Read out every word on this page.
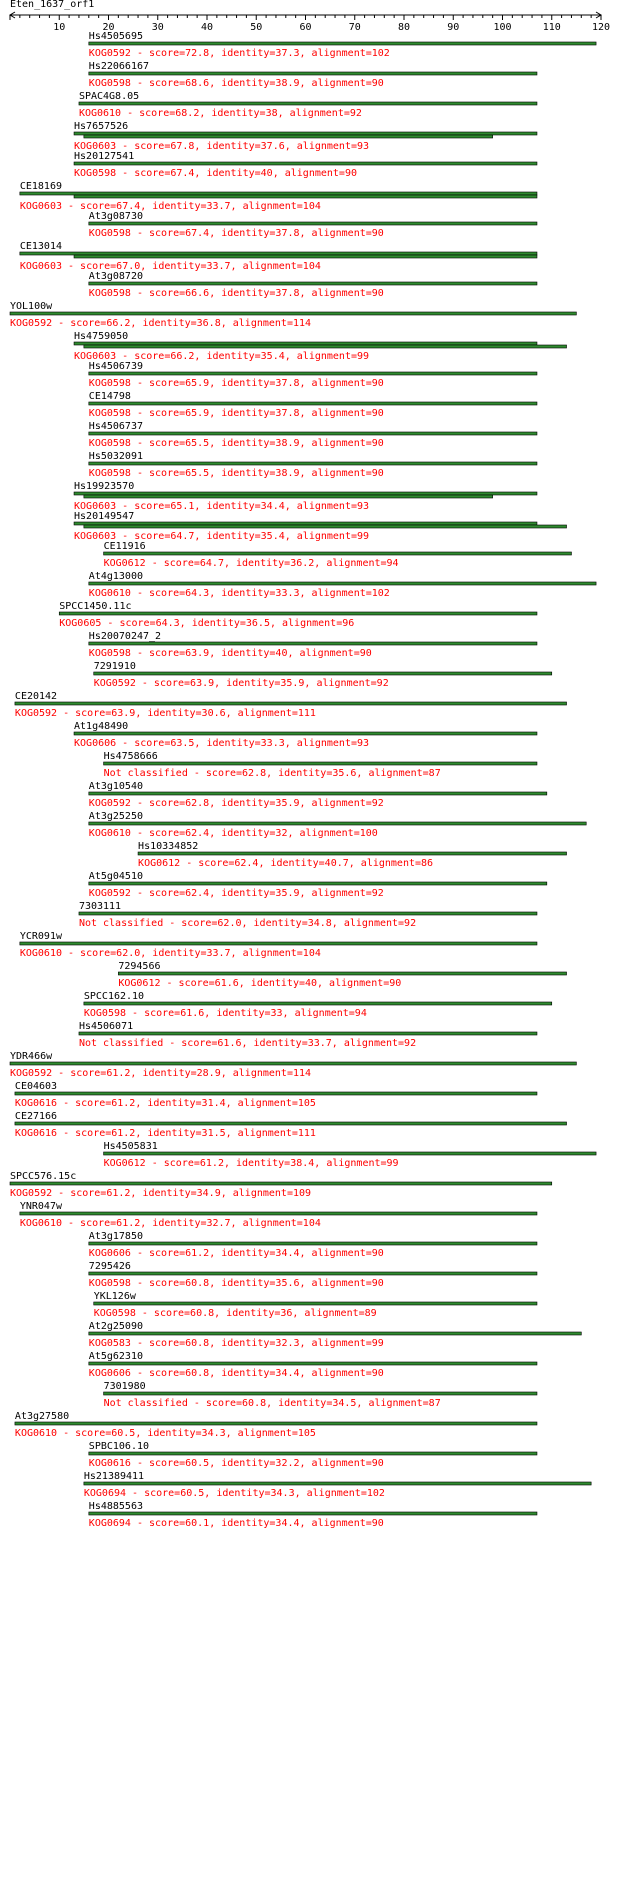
Eten_1637_orf1
10	20	30	40	50	60	70	80	90	100	110	120
Hs4505695
KOG0592 - score=72.8, identity=37.3, alignment=102
Hs22066167
KOG0598 - score=68.6, identity=38.9, alignment=90
SPAC4G8.05
KOG0610 - score=68.2, identity=38, alignment=92
Hs7657526
KOG0603 - score=67.8, identity=37.6, alignment=93
Hs20127541
KOG0598 - score=67.4, identity=40, alignment=90
CE18169
KOG0603 - score=67.4, identity=33.7, alignment=104
At3g08730
KOG0598 - score=67.4, identity=37.8, alignment=90
CE13014
KOG0603 - score=67.0, identity=33.7, alignment=104
At3g08720
KOG0598 - score=66.6, identity=37.8, alignment=90
YOL100w
KOG0592 - score=66.2, identity=36.8, alignment=114
Hs4759050
KOG0603 - score=66.2, identity=35.4, alignment=99
Hs4506739
KOG0598 - score=65.9, identity=37.8, alignment=90
CE14798
KOG0598 - score=65.9, identity=37.8, alignment=90
Hs4506737
KOG0598 - score=65.5, identity=38.9, alignment=90
Hs5032091
KOG0598 - score=65.5, identity=38.9, alignment=90
Hs19923570
KOG0603 - score=65.1, identity=34.4, alignment=93
Hs20149547
KOG0603 - score=64.7, identity=35.4, alignment=99
CE11916
KOG0612 - score=64.7, identity=36.2, alignment=94
At4g13000
KOG0610 - score=64.3, identity=33.3, alignment=102
SPCC1450.11c
KOG0605 - score=64.3, identity=36.5, alignment=96
Hs20070247_2
KOG0598 - score=63.9, identity=40, alignment=90
7291910
KOG0592 - score=63.9, identity=35.9, alignment=92
CE20142
KOG0592 - score=63.9, identity=30.6, alignment=111
At1g48490
KOG0606 - score=63.5, identity=33.3, alignment=93
Hs4758666
Not classified - score=62.8, identity=35.6, alignment=87
At3g10540
KOG0592 - score=62.8, identity=35.9, alignment=92
At3g25250
KOG0610 - score=62.4, identity=32, alignment=100
Hs10334852
KOG0612 - score=62.4, identity=40.7, alignment=86
At5g04510
KOG0592 - score=62.4, identity=35.9, alignment=92
7303111
Not classified - score=62.0, identity=34.8, alignment=92
YCR091w
KOG0610 - score=62.0, identity=33.7, alignment=104
7294566
KOG0612 - score=61.6, identity=40, alignment=90
SPCC162.10
KOG0598 - score=61.6, identity=33, alignment=94
Hs4506071
Not classified - score=61.6, identity=33.7, alignment=92
YDR466w
KOG0592 - score=61.2, identity=28.9, alignment=114
CE04603
KOG0616 - score=61.2, identity=31.4, alignment=105
CE27166
KOG0616 - score=61.2, identity=31.5, alignment=111
Hs4505831
KOG0612 - score=61.2, identity=38.4, alignment=99
SPCC576.15c
KOG0592 - score=61.2, identity=34.9, alignment=109
YNR047w
KOG0610 - score=61.2, identity=32.7, alignment=104
At3g17850
KOG0606 - score=61.2, identity=34.4, alignment=90
7295426
KOG0598 - score=60.8, identity=35.6, alignment=90
YKL126w
KOG0598 - score=60.8, identity=36, alignment=89
At2g25090
KOG0583 - score=60.8, identity=32.3, alignment=99
At5g62310
KOG0606 - score=60.8, identity=34.4, alignment=90
7301980
Not classified - score=60.8, identity=34.5, alignment=87
At3g27580
KOG0610 - score=60.5, identity=34.3, alignment=105
SPBC106.10
KOG0616 - score=60.5, identity=32.2, alignment=90
Hs21389411
KOG0694 - score=60.5, identity=34.3, alignment=102
Hs4885563
KOG0694 - score=60.1, identity=34.4, alignment=90
